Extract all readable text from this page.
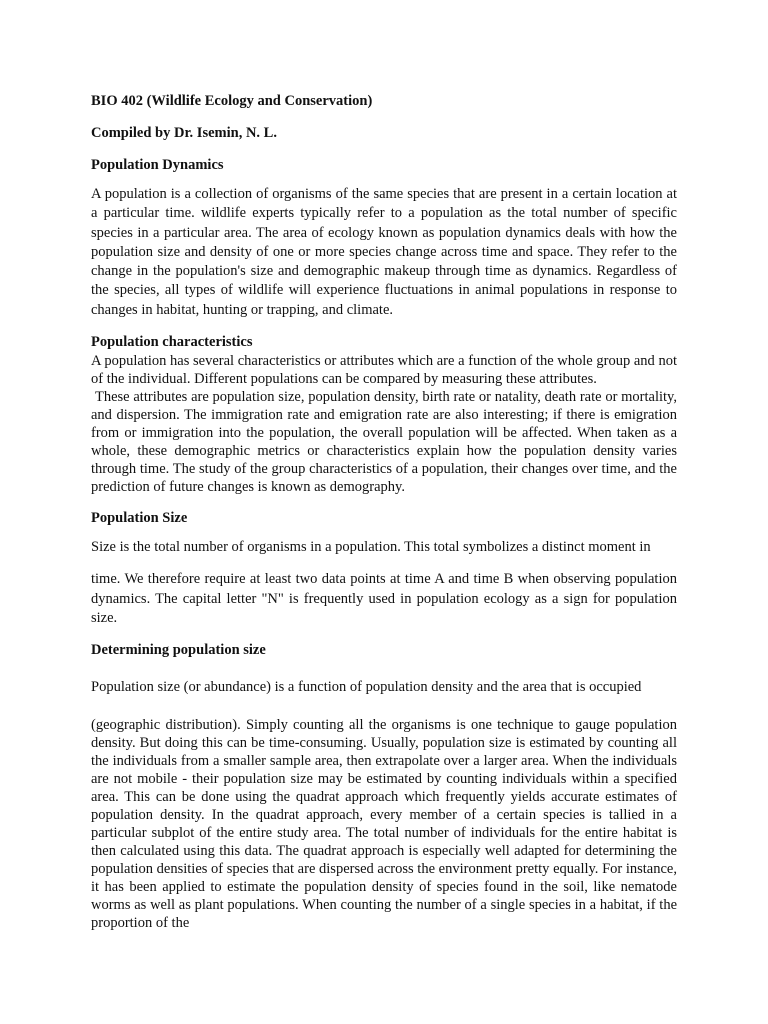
BIO 402 (Wildlife Ecology and Conservation)

Compiled by Dr. Isemin, N. L.

Population Dynamics

A population is a collection of organisms of the same species that are present in a certain location at a particular time. wildlife experts typically refer to a population as the total number of specific species in a particular area. The area of ecology known as population dynamics deals with how the population size and density of one or more species change across time and space. They refer to the change in the population's size and demographic makeup through time as dynamics. Regardless of the species, all types of wildlife will experience fluctuations in animal populations in response to changes in habitat, hunting or trapping, and climate.

Population characteristics

A population has several characteristics or attributes which are a function of the whole group and not of the individual. Different populations can be compared by measuring these attributes.

These attributes are population size, population density, birth rate or natality, death rate or mortality, and dispersion. The immigration rate and emigration rate are also interesting; if there is emigration from or immigration into the population, the overall population will be affected. When taken as a whole, these demographic metrics or characteristics explain how the population density varies through time. The study of the group characteristics of a population, their changes over time, and the prediction of future changes is known as demography.

Population Size

Size is the total number of organisms in a population. This total symbolizes a distinct moment in

time. We therefore require at least two data points at time A and time B when observing population dynamics. The capital letter "N" is frequently used in population ecology as a sign for population size.

Determining population size

Population size (or abundance) is a function of population density and the area that is occupied

(geographic distribution). Simply counting all the organisms is one technique to gauge population density. But doing this can be time-consuming. Usually, population size is estimated by counting all the individuals from a smaller sample area, then extrapolate over a larger area. When the individuals are not mobile - their population size may be estimated by counting individuals within a specified area. This can be done using the quadrat approach which frequently yields accurate estimates of population density. In the quadrat approach, every member of a certain species is tallied in a particular subplot of the entire study area. The total number of individuals for the entire habitat is then calculated using this data. The quadrat approach is especially well adapted for determining the population densities of species that are dispersed across the environment pretty equally. For instance, it has been applied to estimate the population density of species found in the soil, like nematode worms as well as plant populations. When counting the number of a single species in a habitat, if the proportion of the
